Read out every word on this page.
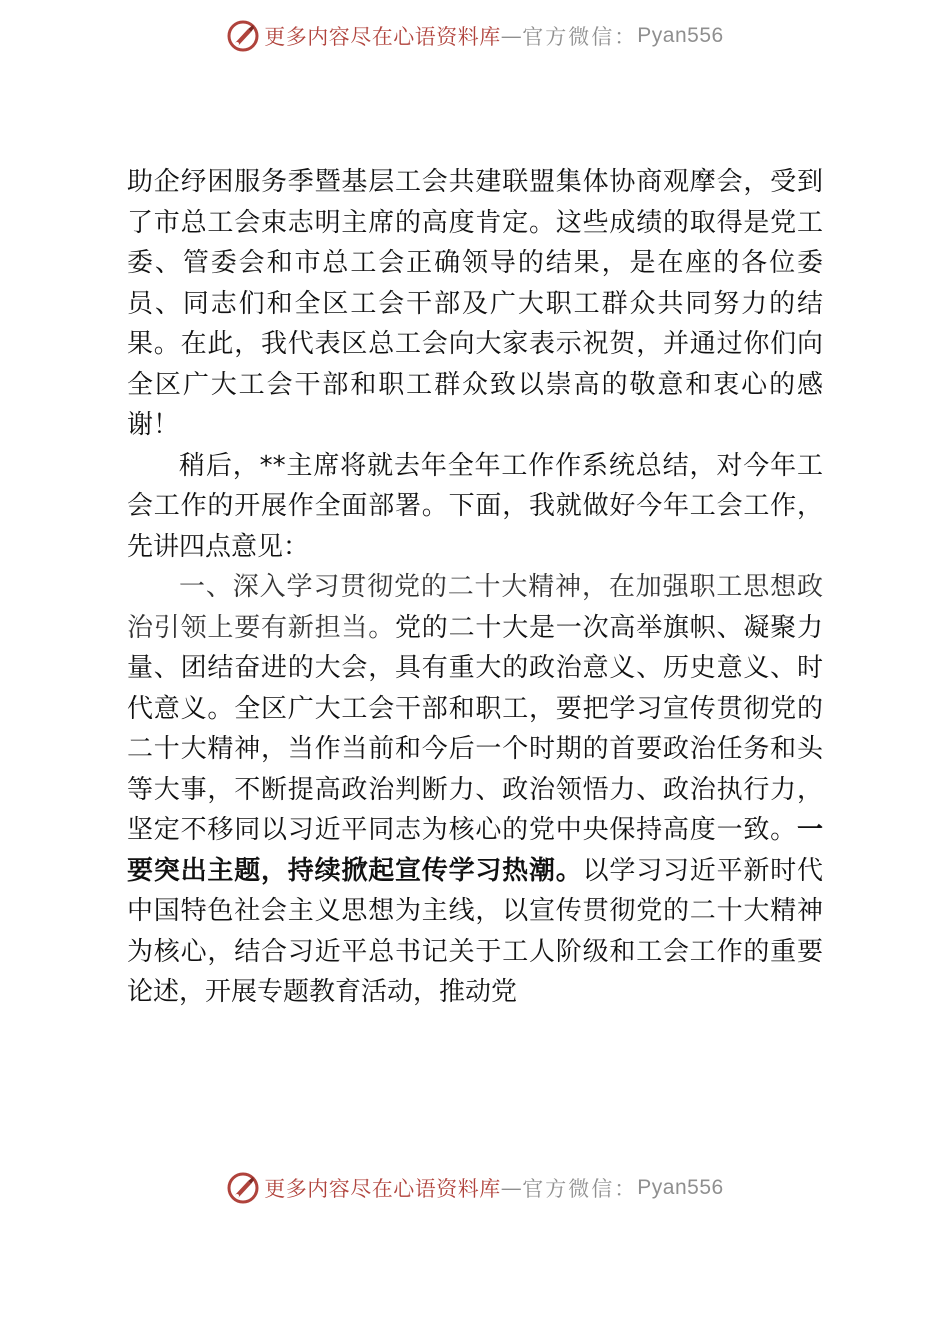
更多内容尽在心语资料库 — 官方微信： Pyan556

助企纾困服务季暨基层工会共建联盟集体协商观摩会，受到了市总工会束志明主席的高度肯定。这些成绩的取得是党工委、管委会和市总工会正确领导的结果，是在座的各位委员、同志们和全区工会干部及广大职工群众共同努力的结果。在此，我代表区总工会向大家表示祝贺，并通过你们向全区广大工会干部和职工群众致以崇高的敬意和衷心的感谢！

稍后，**主席将就去年全年工作作系统总结，对今年工会工作的开展作全面部署。下面，我就做好今年工会工作，先讲四点意见：

一、深入学习贯彻党的二十大精神，在加强职工思想政治引领上要有新担当。党的二十大是一次高举旗帜、凝聚力量、团结奋进的大会，具有重大的政治意义、历史意义、时代意义。全区广大工会干部和职工，要把学习宣传贯彻党的二十大精神，当作当前和今后一个时期的首要政治任务和头等大事，不断提高政治判断力、政治领悟力、政治执行力，坚定不移同以习近平同志为核心的党中央保持高度一致。一要突出主题，持续掀起宣传学习热潮。以学习习近平新时代中国特色社会主义思想为主线，以宣传贯彻党的二十大精神为核心，结合习近平总书记关于工人阶级和工会工作的重要论述，开展专题教育活动，推动党

更多内容尽在心语资料库 — 官方微信： Pyan556
